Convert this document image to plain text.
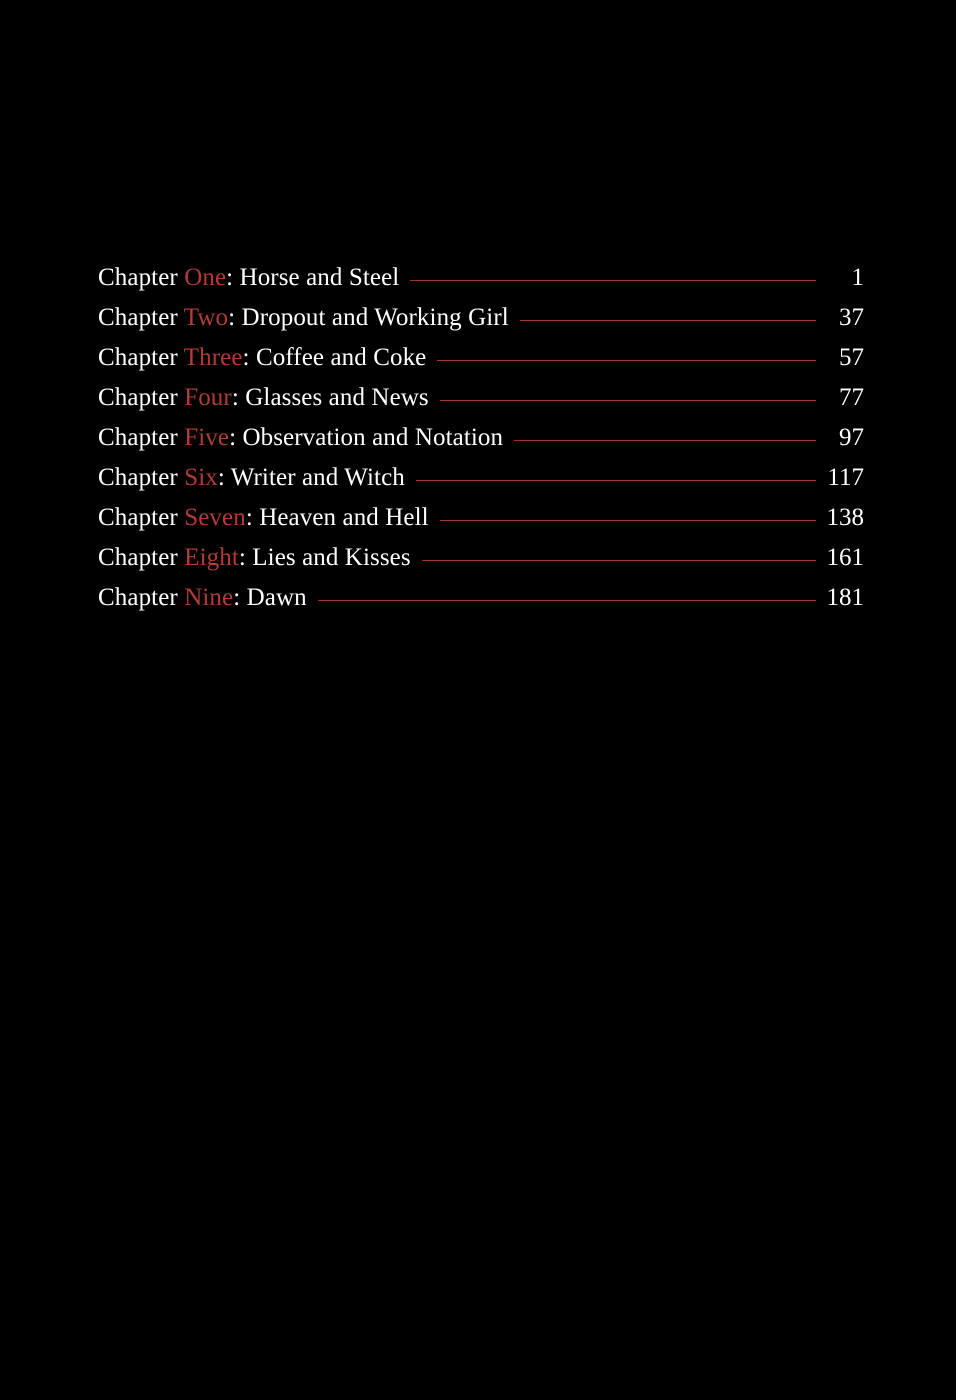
Chapter One: Horse and Steel	1
Chapter Two: Dropout and Working Girl	37
Chapter Three: Coffee and Coke	57
Chapter Four: Glasses and News	77
Chapter Five: Observation and Notation	97
Chapter Six: Writer and Witch	117
Chapter Seven: Heaven and Hell	138
Chapter Eight: Lies and Kisses	161
Chapter Nine: Dawn	181
